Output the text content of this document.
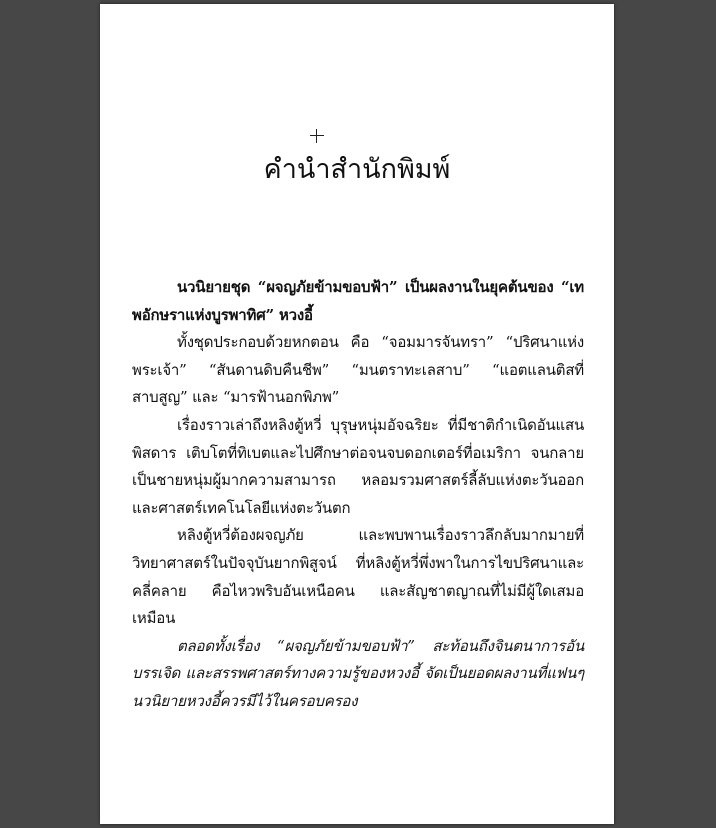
คำนำสำนักพิมพ์

นวนิยายชุด “ผจญภัยข้ามขอบฟ้า” เป็นผลงานในยุคต้นของ “เทพอักษราแห่งบูรพาทิศ” หวงอี้

ทั้งชุดประกอบด้วยหกตอน คือ “จอมมารจันทรา” “ปริศนาแห่งพระเจ้า” “สันดานดิบคืนชีพ” “มนตราทะเลสาบ” “แอตแลนติสที่สาบสูญ” และ “มารฟ้านอกพิภพ”

เรื่องราวเล่าถึงหลิงตู้หวี่ บุรุษหนุ่มอัจฉริยะ ที่มีชาติกำเนิดอันแสนพิสดาร เติบโตที่ทิเบตและไปศึกษาต่อจนจบดอกเตอร์ที่อเมริกา จนกลายเป็นชายหนุ่มผู้มากความสามารถ หลอมรวมศาสตร์ลี้ลับแห่งตะวันออกและศาสตร์เทคโนโลยีแห่งตะวันตก

หลิงตู้หวี่ต้องผจญภัย และพบพานเรื่องราวลึกลับมากมายที่วิทยาศาสตร์ในปัจจุบันยากพิสูจน์ ที่หลิงตู้หวี่พึ่งพาในการไขปริศนาและคลี่คลาย คือไหวพริบอันเหนือคน และสัญชาตญาณที่ไม่มีผู้ใดเสมอเหมือน

ตลอดทั้งเรื่อง “ผจญภัยข้ามขอบฟ้า” สะท้อนถึงจินตนาการอันบรรเจิด และสรรพศาสตร์ทางความรู้ของหวงอี้ จัดเป็นยอดผลงานที่แฟนๆ นวนิยายหวงอี้ควรมีไว้ในครอบครอง
